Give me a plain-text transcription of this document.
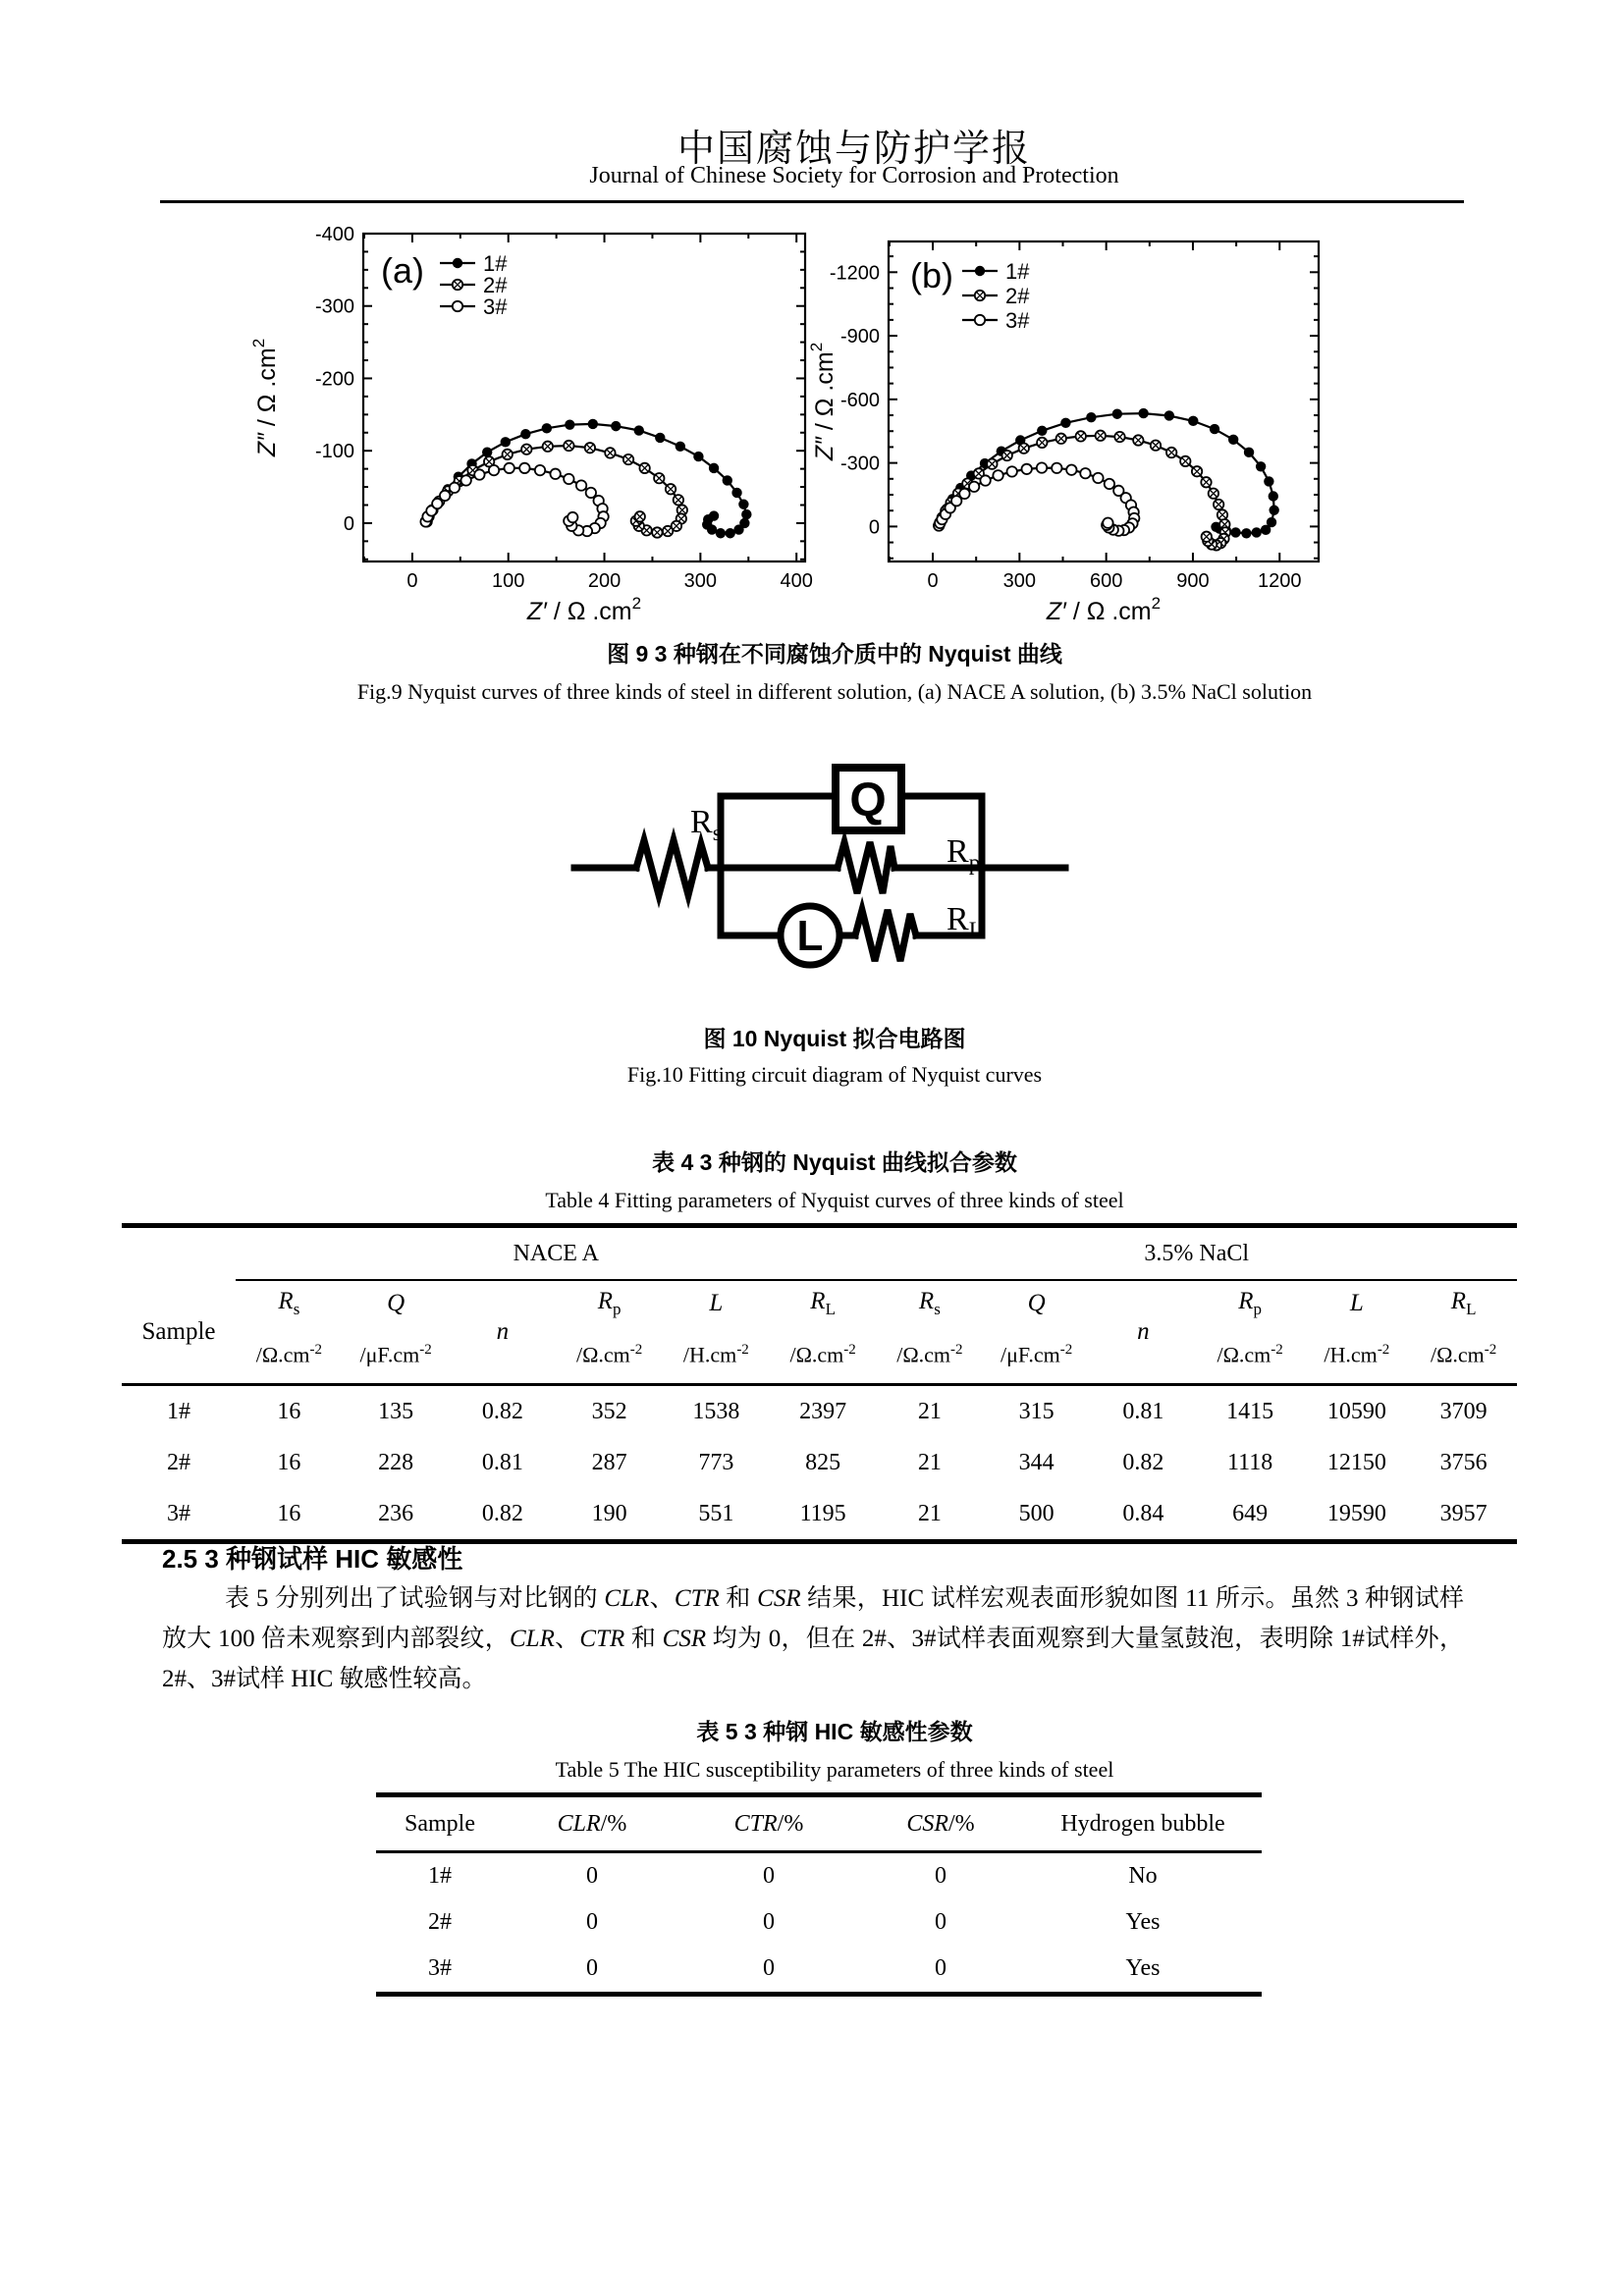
中国腐蚀与防护学报
Journal of Chinese Society for Corrosion and Protection
0	100	200	300	400
0
-100
-200
-300
-400
1#
2#
3#
(a)
Z′ / Ω $.cm^2$
Z″ / Ω $.cm^2$
0	300	600	900 1200
0
-300
-600
-900
-1200	1#
2#
3#
(b)
Z′ / Ω $.cm^2$
Z″ / Ω $.cm^2$
图 9 3 种钢在不同腐蚀介质中的 Nyquist 曲线
Fig.9 Nyquist curves of three kinds of steel in different solution, (a) NACE A solution, (b) 3.5% NaCl solution
Q
L
$R_s$
$R_p$
$R_L$
图 10 Nyquist 拟合电路图
Fig.10 Fitting circuit diagram of Nyquist curves
表 4 3 种钢的 Nyquist 曲线拟合参数
Table 4 Fitting parameters of Nyquist curves of three kinds of steel
	NACE A						3.5% NaCl					
Sample	$R_s$	Q	n	$R_p$	L	$R_L$	$R_s$	Q	n	$R_p$	L	$R_L$
	$/\Omega.cm^{-2}$	$/\mu F.cm^{-2}$		$/\Omega.cm^{-2}$	$/H.cm^{-2}$	$/\Omega.cm^{-2}$	$/\Omega.cm^{-2}$	$/\mu F.cm^{-2}$		$/\Omega.cm^{-2}$	$/H.cm^{-2}$	$/\Omega.cm^{-2}$
1#	16	135	0.82	352	1538	2397	21	315	0.81	1415	10590	3709
2#	16	228	0.81	287	773	825	21	344	0.82	1118	12150	3756
3#	16	236	0.82	190	551	1195	21	500	0.84	649	19590	3957
2.5 3 种钢试样 HIC 敏感性
表 5 分别列出了试验钢与对比钢的 CLR、CTR 和 CSR 结果，HIC 试样宏观表面形貌如图 11 所示。虽然 3 种钢试样放大 100 倍未观察到内部裂纹，CLR、CTR 和 CSR 均为 0，但在 2#、3#试样表面观察到大量氢鼓泡，表明除 1#试样外，2#、3#试样 HIC 敏感性较高。
表 5 3 种钢 HIC 敏感性参数
Table 5 The HIC susceptibility parameters of three kinds of steel
Sample	CLR/%	CTR/%	CSR/%	Hydrogen bubble
1#	0	0	0	No
2#	0	0	0	Yes
3#	0	0	0	Yes
